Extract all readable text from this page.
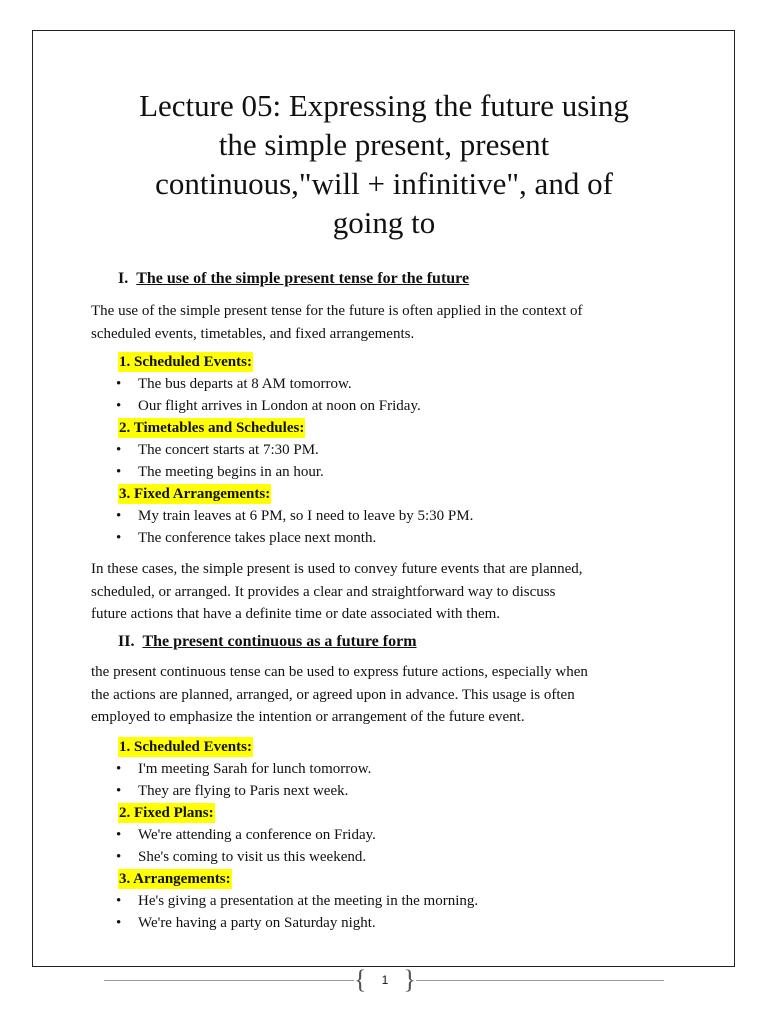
Lecture 05: Expressing the future using
the simple present, present
continuous,"will + infinitive", and of
going to
I. The use of the simple present tense for the future

The use of the simple present tense for the future is often applied in the context of
scheduled events, timetables, and fixed arrangements.

1. Scheduled Events:
•	The bus departs at 8 AM tomorrow.
•	Our flight arrives in London at noon on Friday.
2. Timetables and Schedules:
•	The concert starts at 7:30 PM.
•	The meeting begins in an hour.
3. Fixed Arrangements:
•	My train leaves at 6 PM, so I need to leave by 5:30 PM.
•	The conference takes place next month.

In these cases, the simple present is used to convey future events that are planned,
scheduled, or arranged. It provides a clear and straightforward way to discuss
future actions that have a definite time or date associated with them.

II. The present continuous as a future form

the present continuous tense can be used to express future actions, especially when
the actions are planned, arranged, or agreed upon in advance. This usage is often
employed to emphasize the intention or arrangement of the future event.

1. Scheduled Events:
•	I'm meeting Sarah for lunch tomorrow.
•	They are flying to Paris next week.
2. Fixed Plans:
•	We're attending a conference on Friday.
•	She's coming to visit us this weekend.
3. Arrangements:
•	He's giving a presentation at the meeting in the morning.
•	We're having a party on Saturday night.
{ }
1
